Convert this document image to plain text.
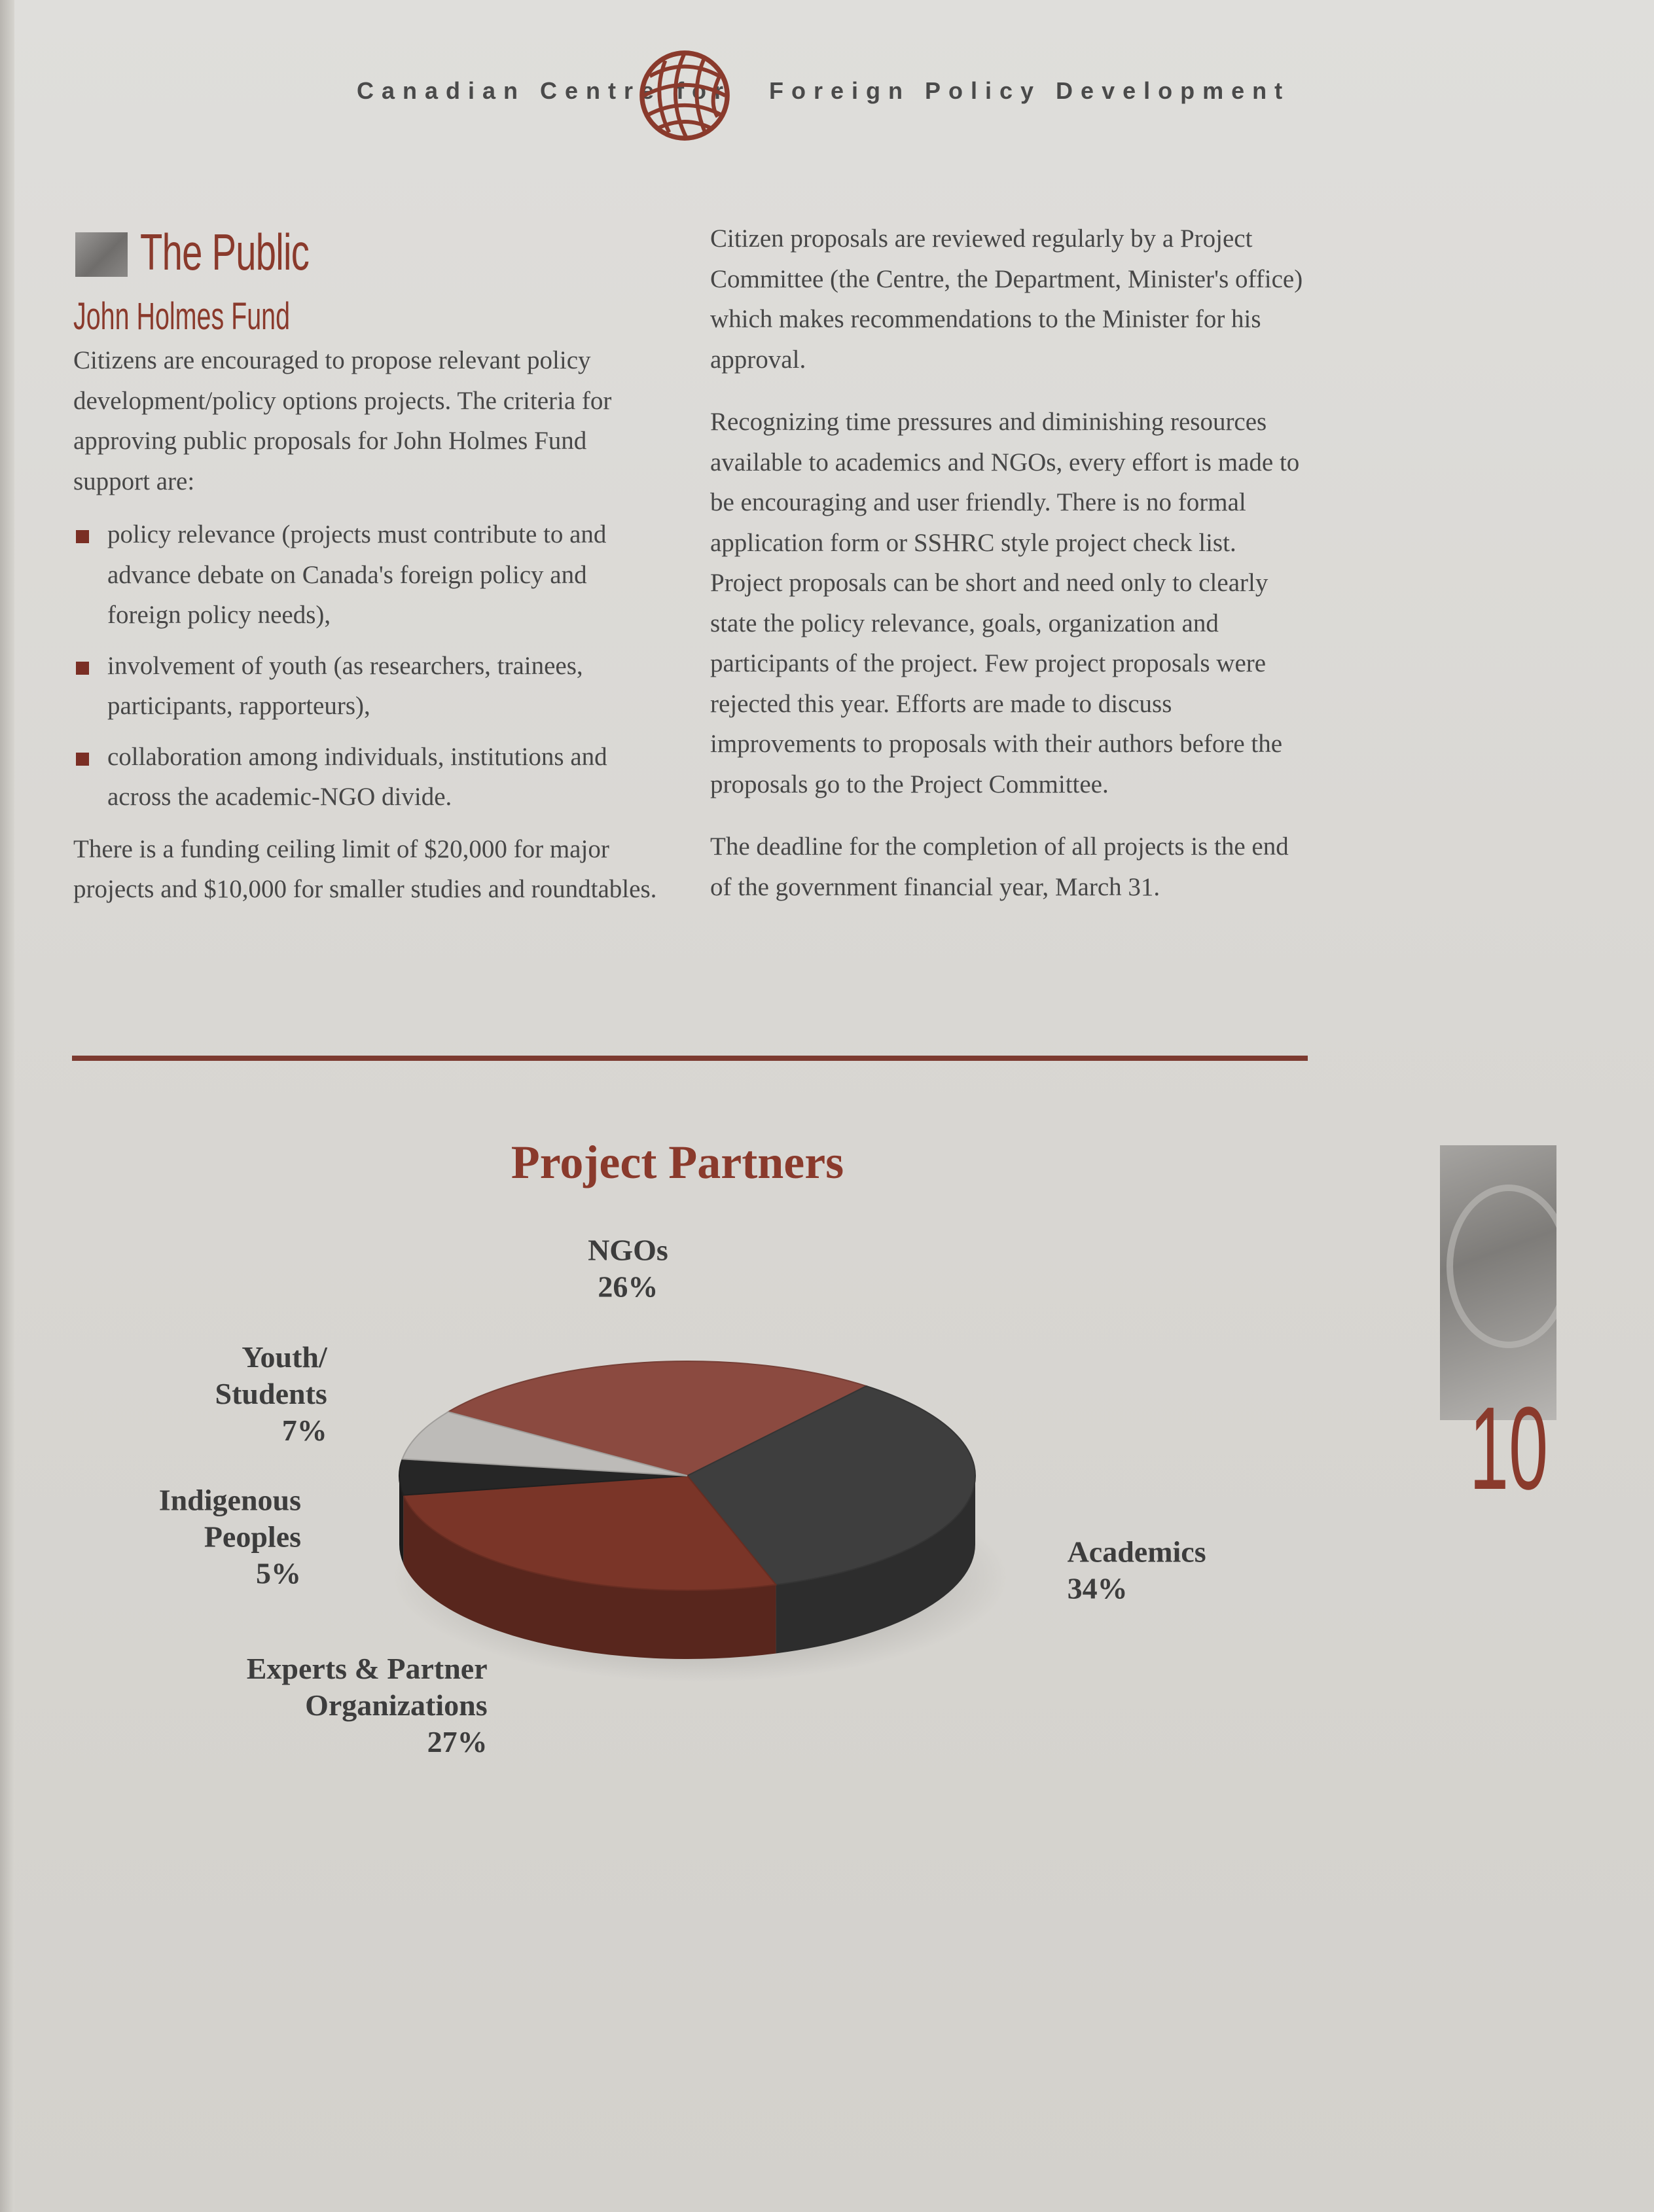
Canadian Centre for Foreign Policy Development
The Public
John Holmes Fund

Citizens are encouraged to propose relevant policy development/policy options projects. The criteria for approving public proposals for John Holmes Fund support are:

policy relevance (projects must contribute to and advance debate on Canada's foreign policy and foreign policy needs),
involvement of youth (as researchers, trainees, participants, rapporteurs),
collaboration among individuals, institutions and across the academic-NGO divide.

There is a funding ceiling limit of $20,000 for major projects and $10,000 for smaller studies and roundtables.

Citizen proposals are reviewed regularly by a Project Committee (the Centre, the Department, Minister's office) which makes recommendations to the Minister for his approval.

Recognizing time pressures and diminishing resources available to academics and NGOs, every effort is made to be encouraging and user friendly. There is no formal application form or SSHRC style project check list. Project proposals can be short and need only to clearly state the policy relevance, goals, organization and participants of the project. Few project proposals were rejected this year. Efforts are made to discuss improvements to proposals with their authors before the proposals go to the Project Committee.

The deadline for the completion of all projects is the end of the government financial year, March 31.

Project Partners
NGOs 26%
Academics 34%
Experts & Partner Organizations 27%
Indigenous Peoples 5%
Youth/ Students 7%	10
